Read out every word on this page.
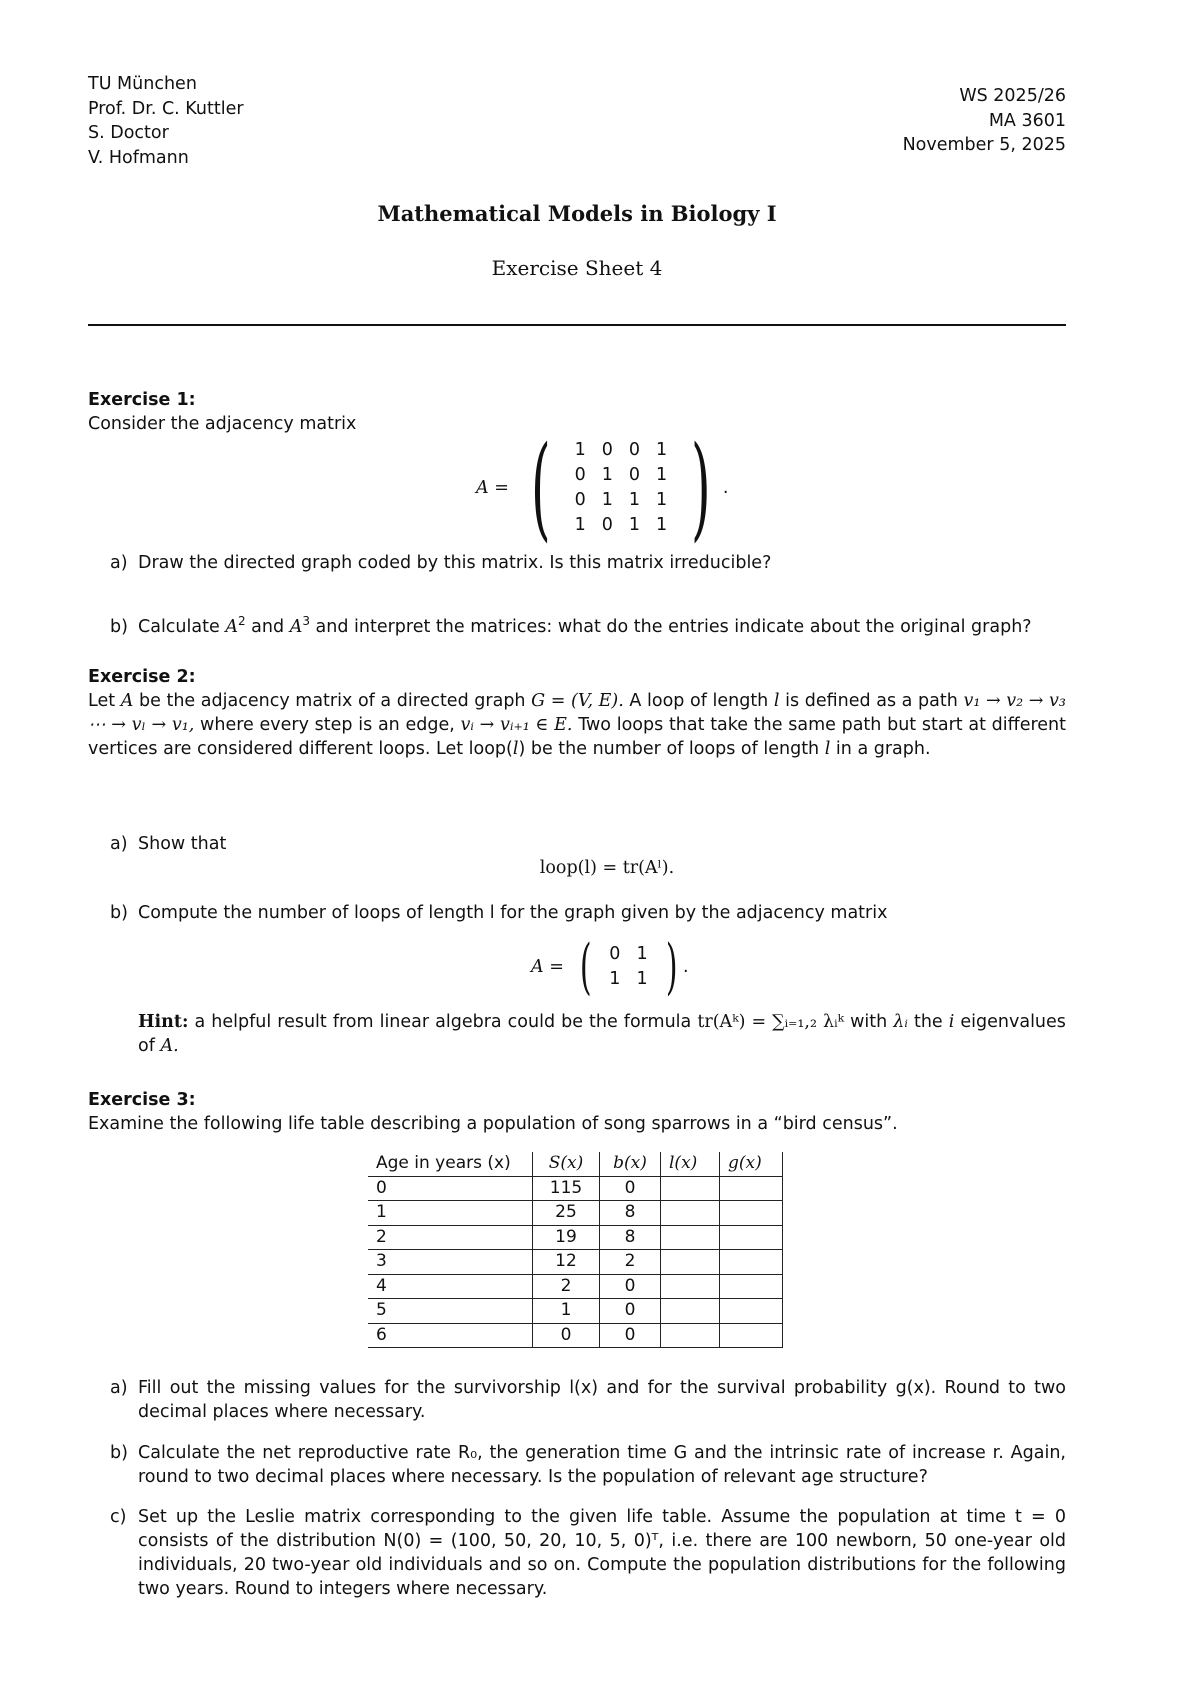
TU München
Prof. Dr. C. Kuttler
S. Doctor
V. Hofmann
WS 2025/26
MA 3601
November 5, 2025
Mathematical Models in Biology I
Exercise Sheet 4
Exercise 1:
Consider the adjacency matrix
A = ( 1	0	0	1
0	1	0	1
0	1	1	1
1	0	1	1 ) .
a) Draw the directed graph coded by this matrix. Is this matrix irreducible?
b) Calculate $A^2$ and $A^3$ and interpret the matrices: what do the entries indicate about the original graph?
Exercise 2:
Let A be the adjacency matrix of a directed graph G = (V, E). A loop of length l is defined as a path v₁ → v₂ → v₃ ⋯ → vₗ → v₁, where every step is an edge, vᵢ → vᵢ₊₁ ∈ E. Two loops that take the same path but start at different vertices are considered different loops. Let loop(l) be the number of loops of length l in a graph.
a) Show that
loop(l) = tr(Aˡ).
b) Compute the number of loops of length l for the graph given by the adjacency matrix
A = ( 0	1
1	1 ) .
Hint: a helpful result from linear algebra could be the formula tr(Aᵏ) = ∑ᵢ₌₁,₂ λᵢᵏ with λᵢ the i eigenvalues of A.
Exercise 3:
Examine the following life table describing a population of song sparrows in a “bird census”.
Age in years (x)	S(x)	b(x)	l(x)	g(x)
0	115	0		
1	25	8		
2	19	8		
3	12	2		
4	2	0		
5	1	0		
6	0	0		
a) Fill out the missing values for the survivorship l(x) and for the survival probability g(x). Round to two decimal places where necessary.
b) Calculate the net reproductive rate R₀, the generation time G and the intrinsic rate of increase r. Again, round to two decimal places where necessary. Is the population of relevant age structure?
c) Set up the Leslie matrix corresponding to the given life table. Assume the population at time t = 0 consists of the distribution N(0) = (100, 50, 20, 10, 5, 0)ᵀ, i.e. there are 100 newborn, 50 one-year old individuals, 20 two-year old individuals and so on. Compute the population distributions for the following two years. Round to integers where necessary.
